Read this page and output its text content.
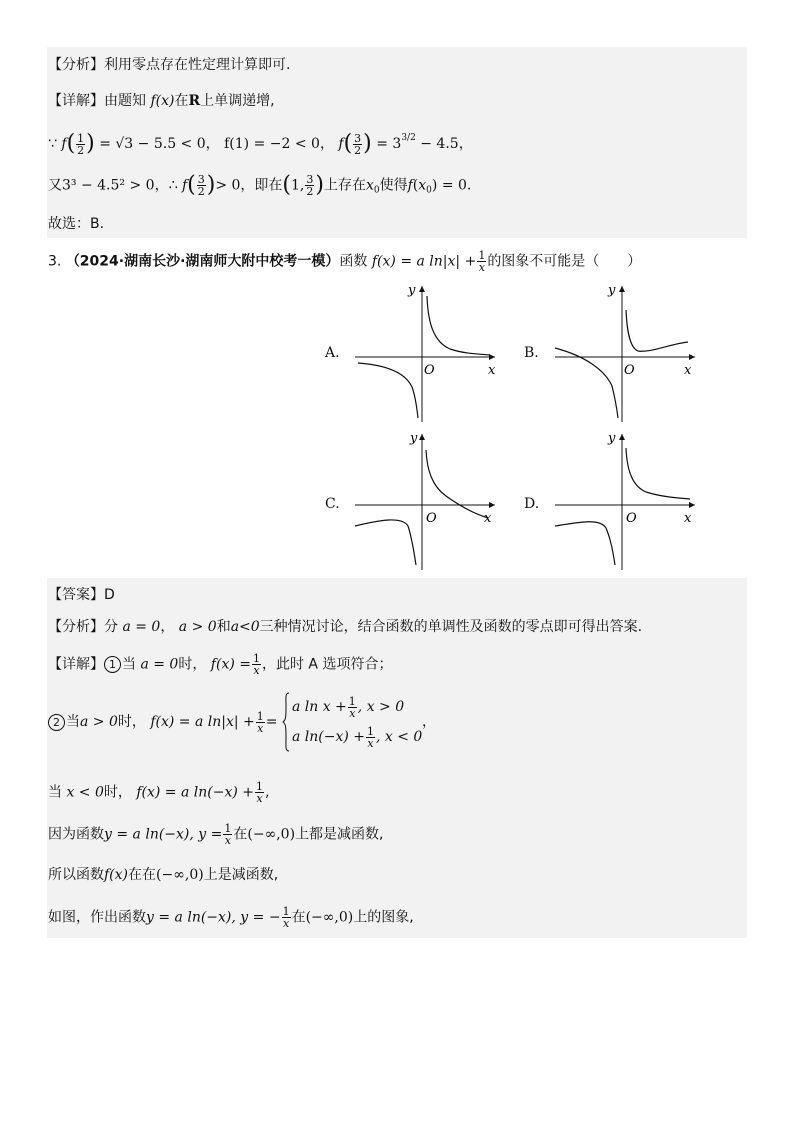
【分析】利用零点存在性定理计算即可.
【详解】由题知 f(x)在R上单调递增,
∵ $f( \frac{1}{2}$ ) = √3 − 5.5 < 0， f(1) = −2 < 0， $f( \frac{3}{2}$ ) = $3^{3/2} - 4.5$，
又3³ − 4.5² > 0，∴ $f( \frac{3}{2}$ )> 0，即在(1, $\frac{3}{2}$ )上存在$x_0$使得$f(x_0) = 0$.
故选：B.
3. （2024·湖南长沙·湖南师大附中校考一模）函数 f(x) = a $\ln|x| + \frac{1}{x}$ 的图象不可能是（　　）
A.	B.
C.	D.
y
x
O
y
x
O
y
x
O
y
x
O
【答案】D
【分析】分 a = 0， a > 0和a<0三种情况讨论，结合函数的单调性及函数的零点即可得出答案.
【详解】 1 当 a = 0时， $f(x) = \frac{1}{x}$ ，此时 A 选项符合；
2 当a > 0时， f(x) = a $\ln|x| + \frac{1}{x}$ =
a $\ln x + \frac{1}{x}$ , x > 0
a $\ln(-x) + \frac{1}{x}$ , x < 0
，
当 x < 0时， f(x) = a $\ln(-x) + \frac{1}{x}$ ,
因为函数y = a ln(−x), $y = \frac{1}{x}$ 在(−∞,0)上都是减函数,
所以函数f(x)在在(−∞,0)上是减函数,
如图，作出函数y = a ln(−x), y = − $\frac{1}{x}$ 在(−∞,0)上的图象,
